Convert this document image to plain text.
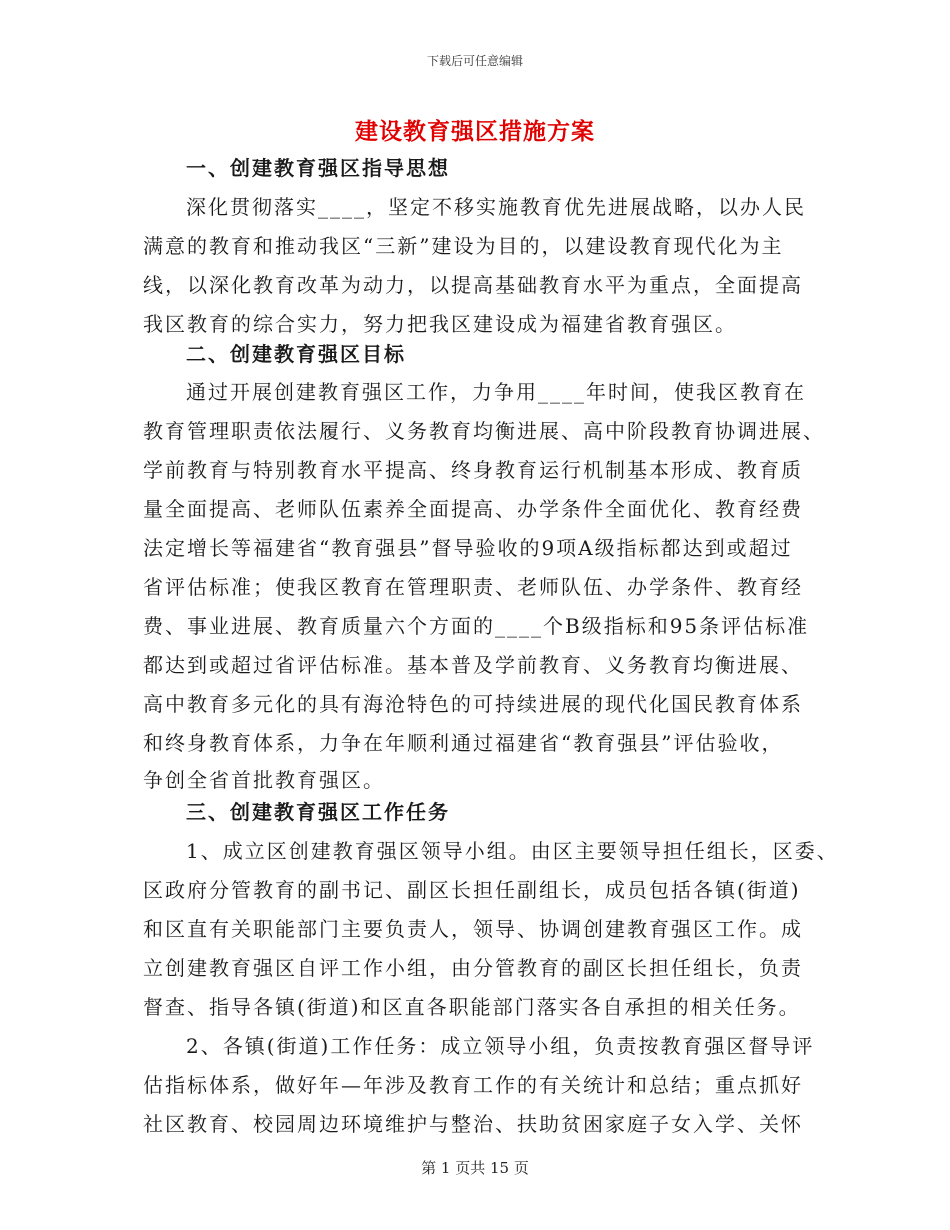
下载后可任意编辑
建设教育强区措施方案
一、创建教育强区指导思想
深化贯彻落实____，坚定不移实施教育优先进展战略，以办人民
满意的教育和推动我区“三新”建设为目的，以建设教育现代化为主
线，以深化教育改革为动力，以提高基础教育水平为重点，全面提高
我区教育的综合实力，努力把我区建设成为福建省教育强区。
二、创建教育强区目标
通过开展创建教育强区工作，力争用____年时间，使我区教育在
教育管理职责依法履行、义务教育均衡进展、高中阶段教育协调进展、
学前教育与特别教育水平提高、终身教育运行机制基本形成、教育质
量全面提高、老师队伍素养全面提高、办学条件全面优化、教育经费
法定增长等福建省“教育强县”督导验收的9项A级指标都达到或超过
省评估标准；使我区教育在管理职责、老师队伍、办学条件、教育经
费、事业进展、教育质量六个方面的____个B级指标和95条评估标准
都达到或超过省评估标准。基本普及学前教育、义务教育均衡进展、
高中教育多元化的具有海沧特色的可持续进展的现代化国民教育体系
和终身教育体系，力争在年顺利通过福建省“教育强县”评估验收，
争创全省首批教育强区。
三、创建教育强区工作任务
1、成立区创建教育强区领导小组。由区主要领导担任组长，区委、
区政府分管教育的副书记、副区长担任副组长，成员包括各镇(街道)
和区直有关职能部门主要负责人，领导、协调创建教育强区工作。成
立创建教育强区自评工作小组，由分管教育的副区长担任组长，负责
督查、指导各镇(街道)和区直各职能部门落实各自承担的相关任务。
2、各镇(街道)工作任务：成立领导小组，负责按教育强区督导评
估指标体系，做好年—年涉及教育工作的有关统计和总结；重点抓好
社区教育、校园周边环境维护与整治、扶助贫困家庭子女入学、关怀
第 1 页共 15 页
